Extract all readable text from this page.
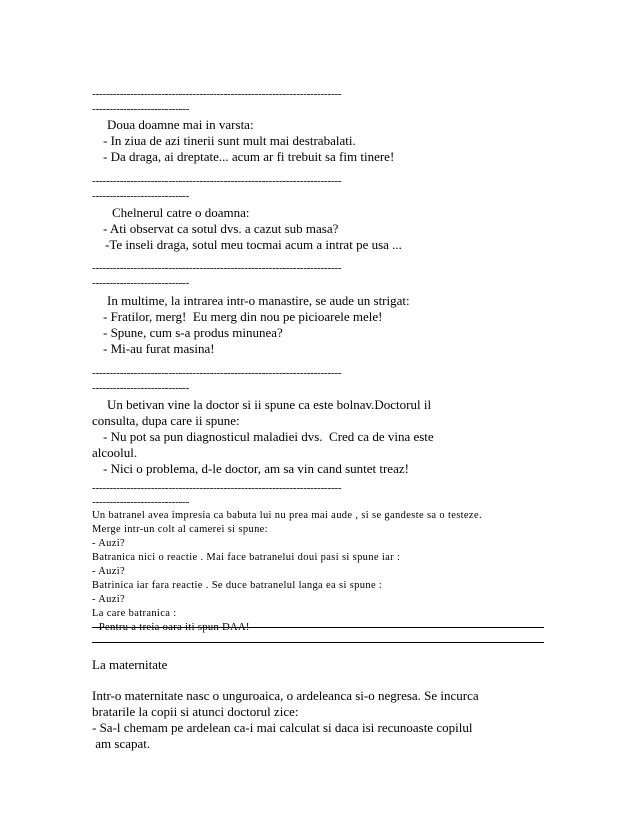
------------------------------------------------------------------------
----------------------------
Doua doamne mai in varsta:
- In ziua de azi tinerii sunt mult mai destrabalati.
- Da draga, ai dreptate... acum ar fi trebuit sa fim tinere!
------------------------------------------------------------------------
----------------------------
Chelnerul catre o doamna:
- Ati observat ca sotul dvs. a cazut sub masa?
-Te inseli draga, sotul meu tocmai acum a intrat pe usa ...
------------------------------------------------------------------------
----------------------------
In multime, la intrarea intr-o manastire, se aude un strigat:
- Fratilor, merg!  Eu merg din nou pe picioarele mele!
- Spune, cum s-a produs minunea?
- Mi-au furat masina!
------------------------------------------------------------------------
----------------------------
Un betivan vine la doctor si ii spune ca este bolnav.Doctorul il
consulta, dupa care ii spune:
- Nu pot sa pun diagnosticul maladiei dvs.  Cred ca de vina este
alcoolul.
- Nici o problema, d-le doctor, am sa vin cand suntet treaz!
------------------------------------------------------------------------
----------------------------
Un batranel avea impresia ca babuta lui nu prea mai aude , si se gandeste sa o testeze.
Merge intr-un colt al camerei si spune:
- Auzi?
Batranica nici o reactie . Mai face batranelui doui pasi si spune iar :
- Auzi?
Batrinica iar fara reactie . Se duce batranelul langa ea si spune :
- Auzi?
La care batranica :
- Pentru a treia oara iti spun DAA!
La maternitate
Intr-o maternitate nasc o unguroaica, o ardeleanca si-o negresa. Se incurca
bratarile la copii si atunci doctorul zice:
- Sa-l chemam pe ardelean ca-i mai calculat si daca isi recunoaste copilul
am scapat.
